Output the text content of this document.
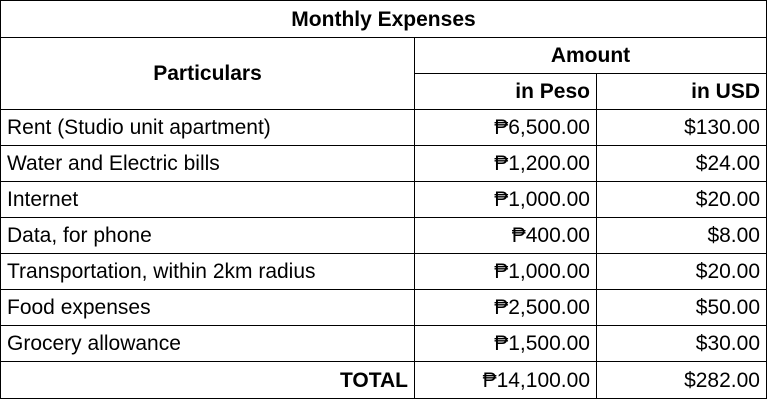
Monthly Expenses		
Particulars	Amount	
	in Peso	in USD
Rent (Studio unit apartment)	₱6,500.00	$130.00
Water and Electric bills	₱1,200.00	$24.00
Internet	₱1,000.00	$20.00
Data, for phone	₱400.00	$8.00
Transportation, within 2km radius	₱1,000.00	$20.00
Food expenses	₱2,500.00	$50.00
Grocery allowance	₱1,500.00	$30.00
TOTAL	₱14,100.00	$282.00
